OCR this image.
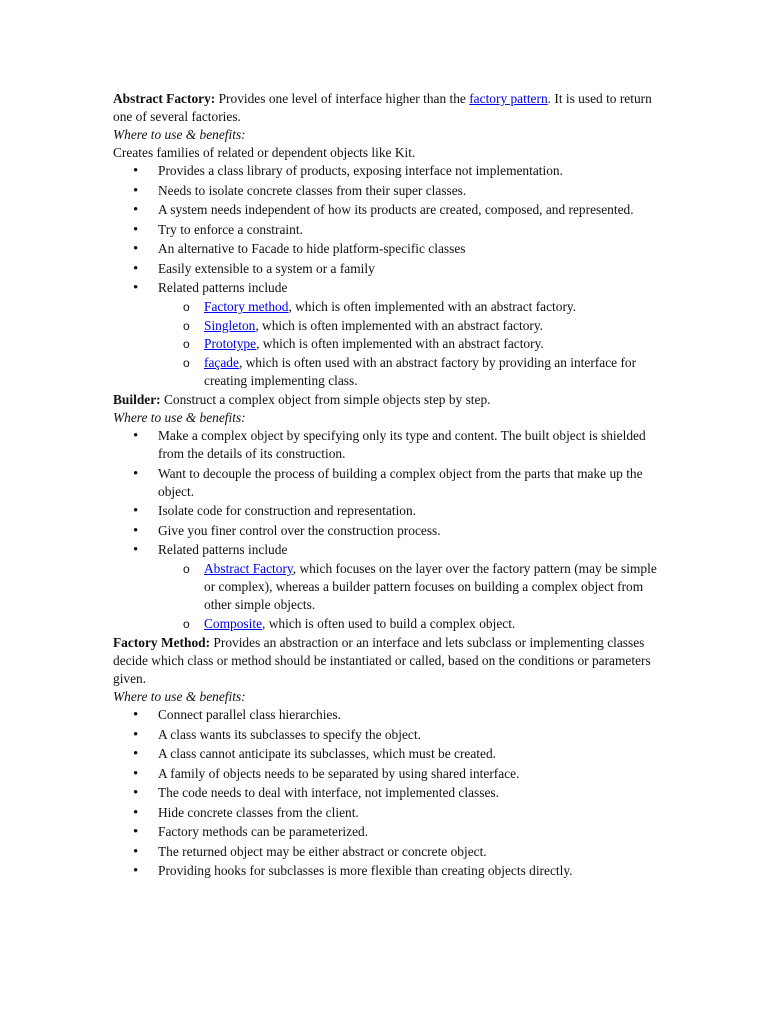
Abstract Factory: Provides one level of interface higher than the factory pattern. It is used to return one of several factories.

Where to use & benefits:

Creates families of related or dependent objects like Kit.

• Provides a class library of products, exposing interface not implementation.
• Needs to isolate concrete classes from their super classes.
• A system needs independent of how its products are created, composed, and represented.
• Try to enforce a constraint.
• An alternative to Facade to hide platform-specific classes
• Easily extensible to a system or a family
• Related patterns include
o Factory method, which is often implemented with an abstract factory.
o Singleton, which is often implemented with an abstract factory.
o Prototype, which is often implemented with an abstract factory.
o façade, which is often used with an abstract factory by providing an interface for creating implementing class.

Builder: Construct a complex object from simple objects step by step.

Where to use & benefits:

• Make a complex object by specifying only its type and content. The built object is shielded from the details of its construction.
• Want to decouple the process of building a complex object from the parts that make up the object.
• Isolate code for construction and representation.
• Give you finer control over the construction process.
• Related patterns include
o Abstract Factory, which focuses on the layer over the factory pattern (may be simple or complex), whereas a builder pattern focuses on building a complex object from other simple objects.
o Composite, which is often used to build a complex object.

Factory Method: Provides an abstraction or an interface and lets subclass or implementing classes decide which class or method should be instantiated or called, based on the conditions or parameters given.

Where to use & benefits:

• Connect parallel class hierarchies.
• A class wants its subclasses to specify the object.
• A class cannot anticipate its subclasses, which must be created.
• A family of objects needs to be separated by using shared interface.
• The code needs to deal with interface, not implemented classes.
• Hide concrete classes from the client.
• Factory methods can be parameterized.
• The returned object may be either abstract or concrete object.
• Providing hooks for subclasses is more flexible than creating objects directly.
